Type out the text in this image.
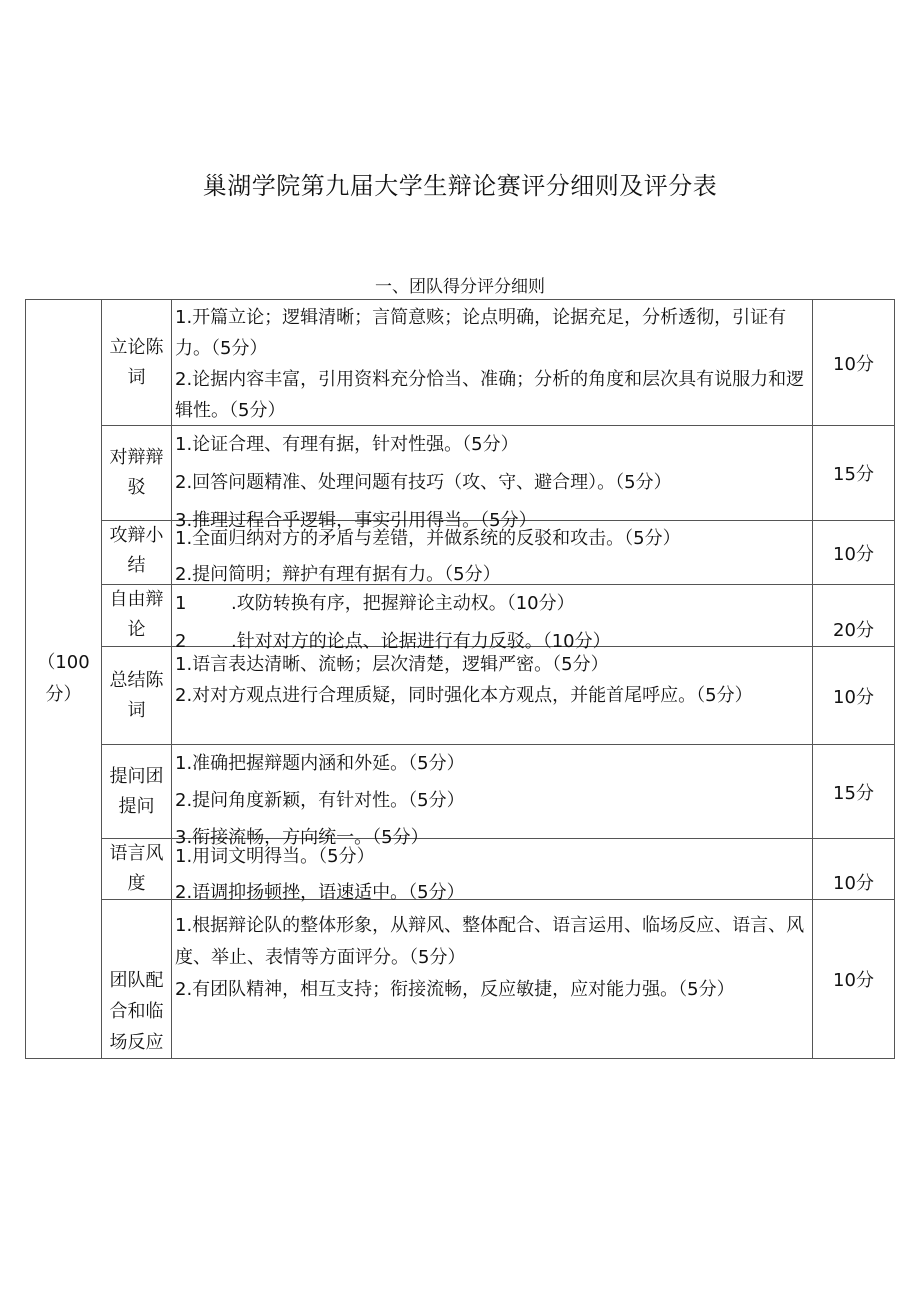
巢湖学院第九届大学生辩论赛评分细则及评分表
一、团队得分评分细则
（100分）	立论陈词	1.开篇立论；逻辑清晰；言简意赅；论点明确，论据充足，分析透彻，引证有力。（5分）
2.论据内容丰富，引用资料充分恰当、准确；分析的角度和层次具有说服力和逻辑性。（5分）	10分

	对辩辩驳	1.论证合理、有理有据，针对性强。（5分）
2.回答问题精准、处理问题有技巧（攻、守、避合理）。（5分）
3.推理过程合乎逻辑，事实引用得当。（5分）	15分

	攻辩小结	1.全面归纳对方的矛盾与差错，并做系统的反驳和攻击。（5分）
2.提问简明；辩护有理有据有力。（5分）	10分

	自由辩论	1 .攻防转换有序，把握辩论主动权。（10分）
2 .针对对方的论点、论据进行有力反驳。（10分）	20分

	总结陈词	1.语言表达清晰、流畅；层次清楚，逻辑严密。（5分）
2.对对方观点进行合理质疑，同时强化本方观点，并能首尾呼应。（5分）	10分

	提问团提问	1.准确把握辩题内涵和外延。（5分）
2.提问角度新颖，有针对性。（5分）
3.衔接流畅，方向统一。（5分）	15分

	语言风度	1.用词文明得当。（5分）
2.语调抑扬顿挫，语速适中。（5分）	10分

	团队配合和临场反应	1.根据辩论队的整体形象，从辩风、整体配合、语言运用、临场反应、语言、风度、举止、表情等方面评分。（5分）
2.有团队精神，相互支持；衔接流畅，反应敏捷，应对能力强。（5分）	10分
